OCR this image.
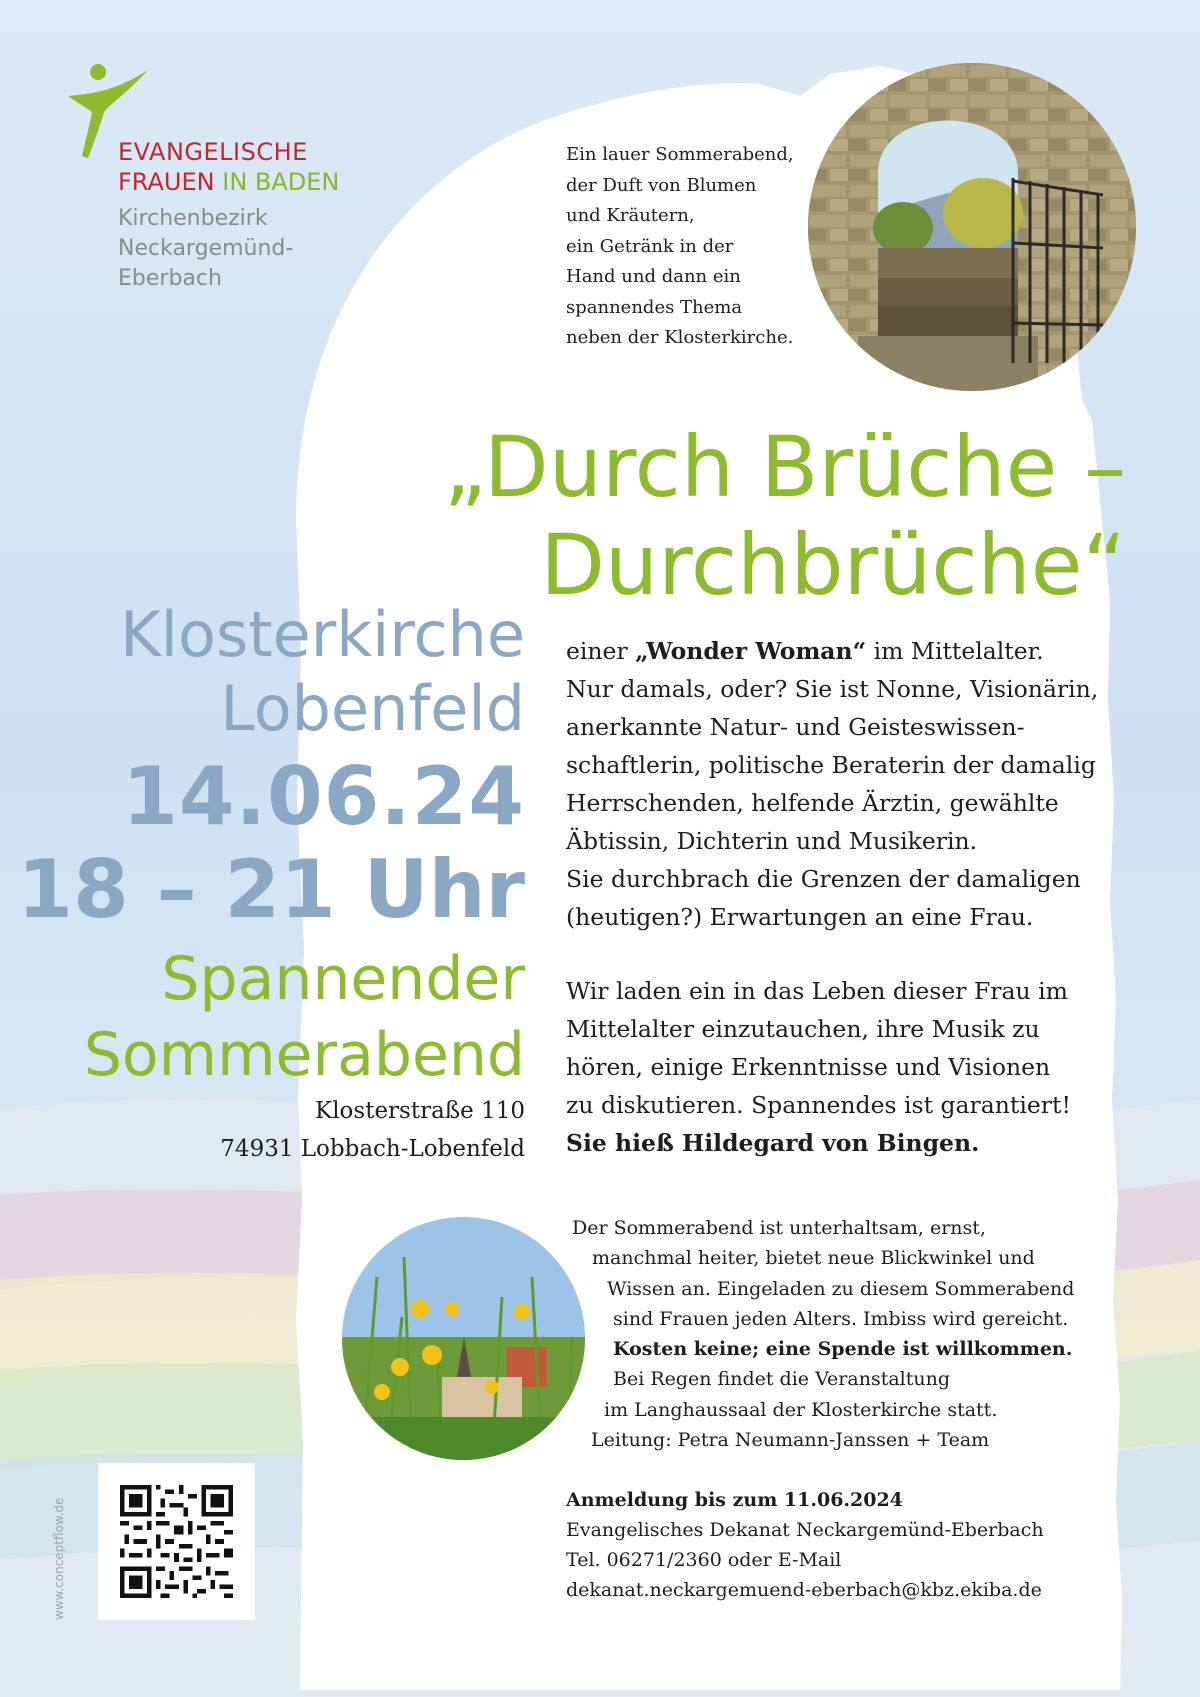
EVANGELISCHE
FRAUEN IN BADEN
Kirchenbezirk
Neckargemünd-
Eberbach
Ein lauer Sommerabend,
der Duft von Blumen
und Kräutern,
ein Getränk in der
Hand und dann ein
spannendes Thema
neben der Klosterkirche.
„Durch Brüche –
Durchbrüche“
Klosterkirche
Lobenfeld
14.06.24
18 – 21 Uhr
Spannender
Sommerabend
Klosterstraße 110
74931 Lobbach-Lobenfeld
einer „Wonder Woman“ im Mittelalter.
Nur damals, oder? Sie ist Nonne, Visionärin,
anerkannte Natur- und Geisteswissen-
schaftlerin, politische Beraterin der damalig
Herrschenden, helfende Ärztin, gewählte
Äbtissin, Dichterin und Musikerin.
Sie durchbrach die Grenzen der damaligen
(heutigen?) Erwartungen an eine Frau.
Wir laden ein in das Leben dieser Frau im
Mittelalter einzutauchen, ihre Musik zu
hören, einige Erkenntnisse und Visionen
zu diskutieren. Spannendes ist garantiert!
Sie hieß Hildegard von Bingen.
Der Sommerabend ist unterhaltsam, ernst,
manchmal heiter, bietet neue Blickwinkel und
Wissen an. Eingeladen zu diesem Sommerabend
sind Frauen jeden Alters. Imbiss wird gereicht.
Kosten keine; eine Spende ist willkommen.
Bei Regen findet die Veranstaltung
im Langhaussaal der Klosterkirche statt.
Leitung: Petra Neumann-Janssen + Team
Anmeldung bis zum 11.06.2024
Evangelisches Dekanat Neckargemünd-Eberbach
Tel. 06271/2360 oder E-Mail
dekanat.neckargemuend-eberbach@kbz.ekiba.de
www.conceptflow.de
